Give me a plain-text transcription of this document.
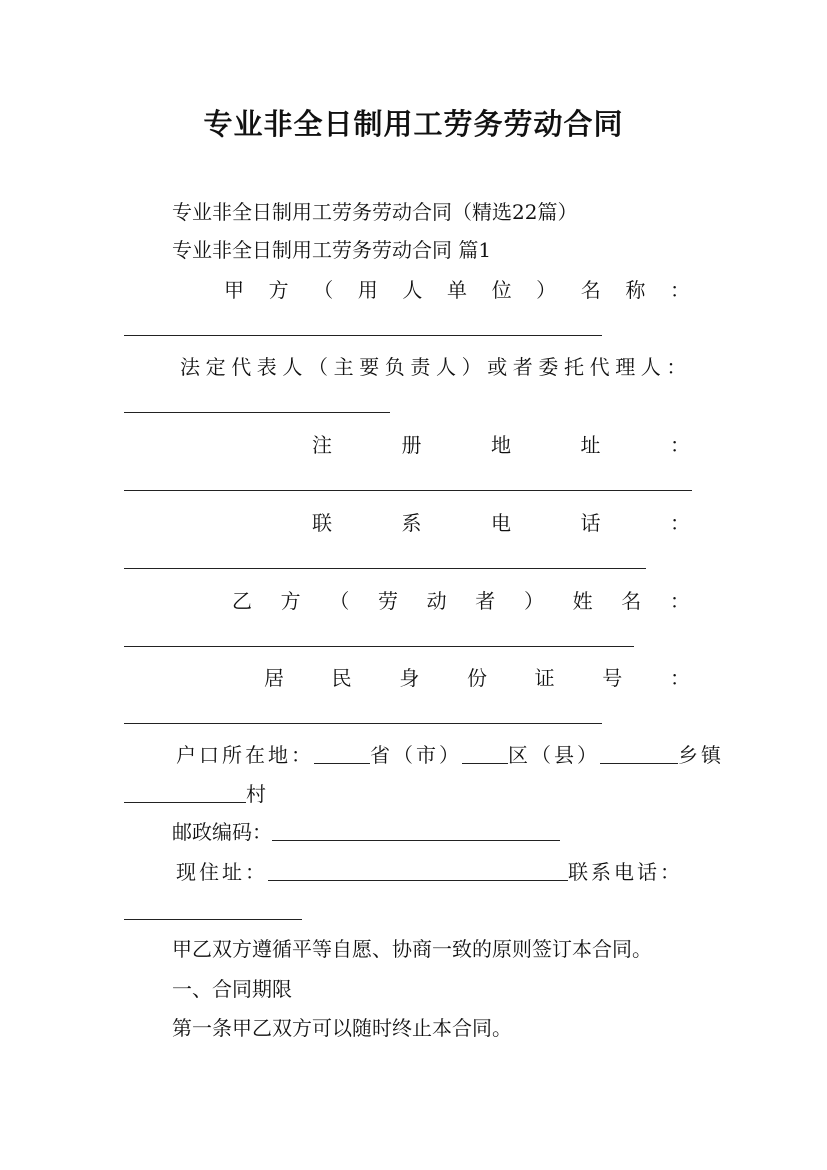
专业非全日制用工劳务劳动合同
专业非全日制用工劳务劳动合同（精选22篇）
专业非全日制用工劳务劳动合同 篇1
甲 方 （ 用 人 单 位 ） 名 称 ：
法定代表人（主要负责人）或者委托代理人：
注	册	地	址	：
联	系	电	话	：
乙 方 （ 劳 动 者 ） 姓 名 ：
居 民 身 份 证 号 ：
户口所在地：	省（市） 区（县）	乡镇
村
邮政编码：
现住址：	联系电话：
甲乙双方遵循平等自愿、协商一致的原则签订本合同。
一、合同期限
第一条甲乙双方可以随时终止本合同。
